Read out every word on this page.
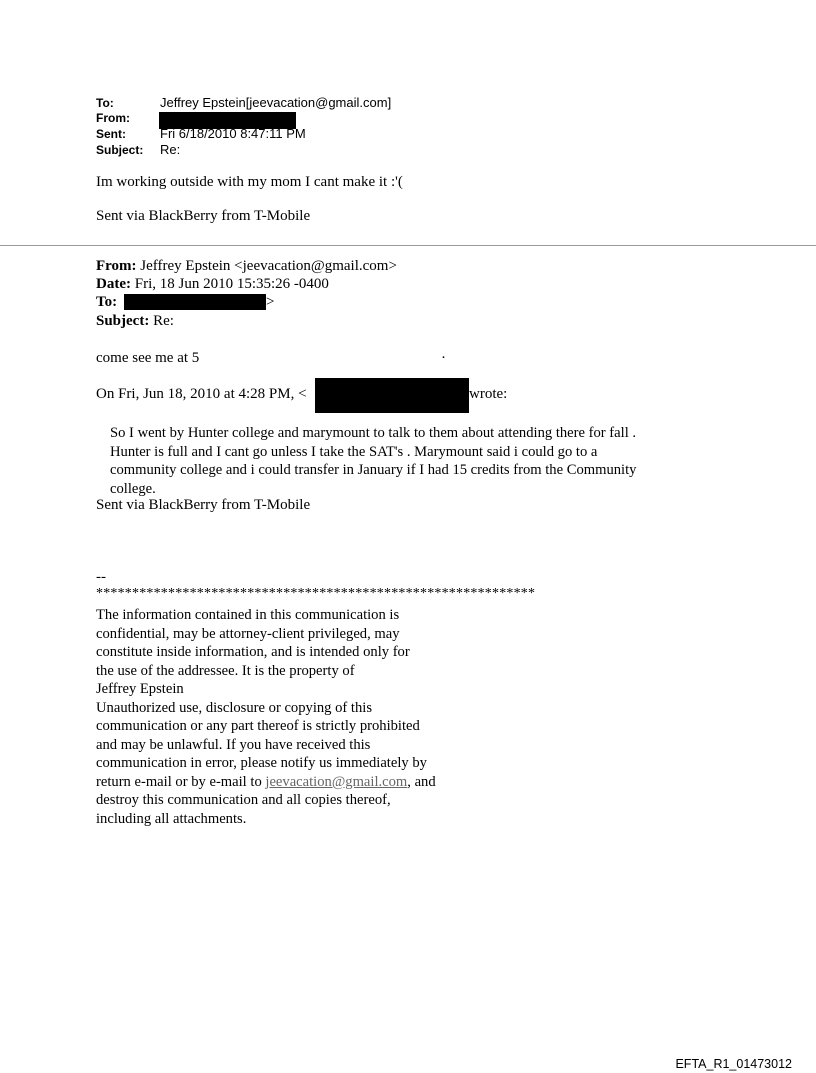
To:	Jeffrey Epstein[jeevacation@gmail.com]
From:
Sent:	Fri 6/18/2010 8:47:11 PM
Subject: Re:
Im working outside with my mom I cant make it :'(
Sent via BlackBerry from T-Mobile
From: Jeffrey Epstein <jeevacation@gmail.com>
Date: Fri, 18 Jun 2010 15:35:26 -0400
To:	>
Subject: Re:
come see me at 5	·
On Fri, Jun 18, 2010 at 4:28 PM, <	wrote:
So I went by Hunter college and marymount to talk to them about attending there for fall .
Hunter is full and I cant go unless I take the SAT's . Marymount said i could go to a
community college and i could transfer in January if I had 15 credits from the Community
college.
Sent via BlackBerry from T-Mobile
--
*************************************************************
The information contained in this communication is
confidential, may be attorney-client privileged, may
constitute inside information, and is intended only for
the use of the addressee. It is the property of
Jeffrey Epstein
Unauthorized use, disclosure or copying of this
communication or any part thereof is strictly prohibited
and may be unlawful. If you have received this
communication in error, please notify us immediately by
return e-mail or by e-mail to jeevacation@gmail.com, and
destroy this communication and all copies thereof,
including all attachments.
EFTA_R1_01473012
